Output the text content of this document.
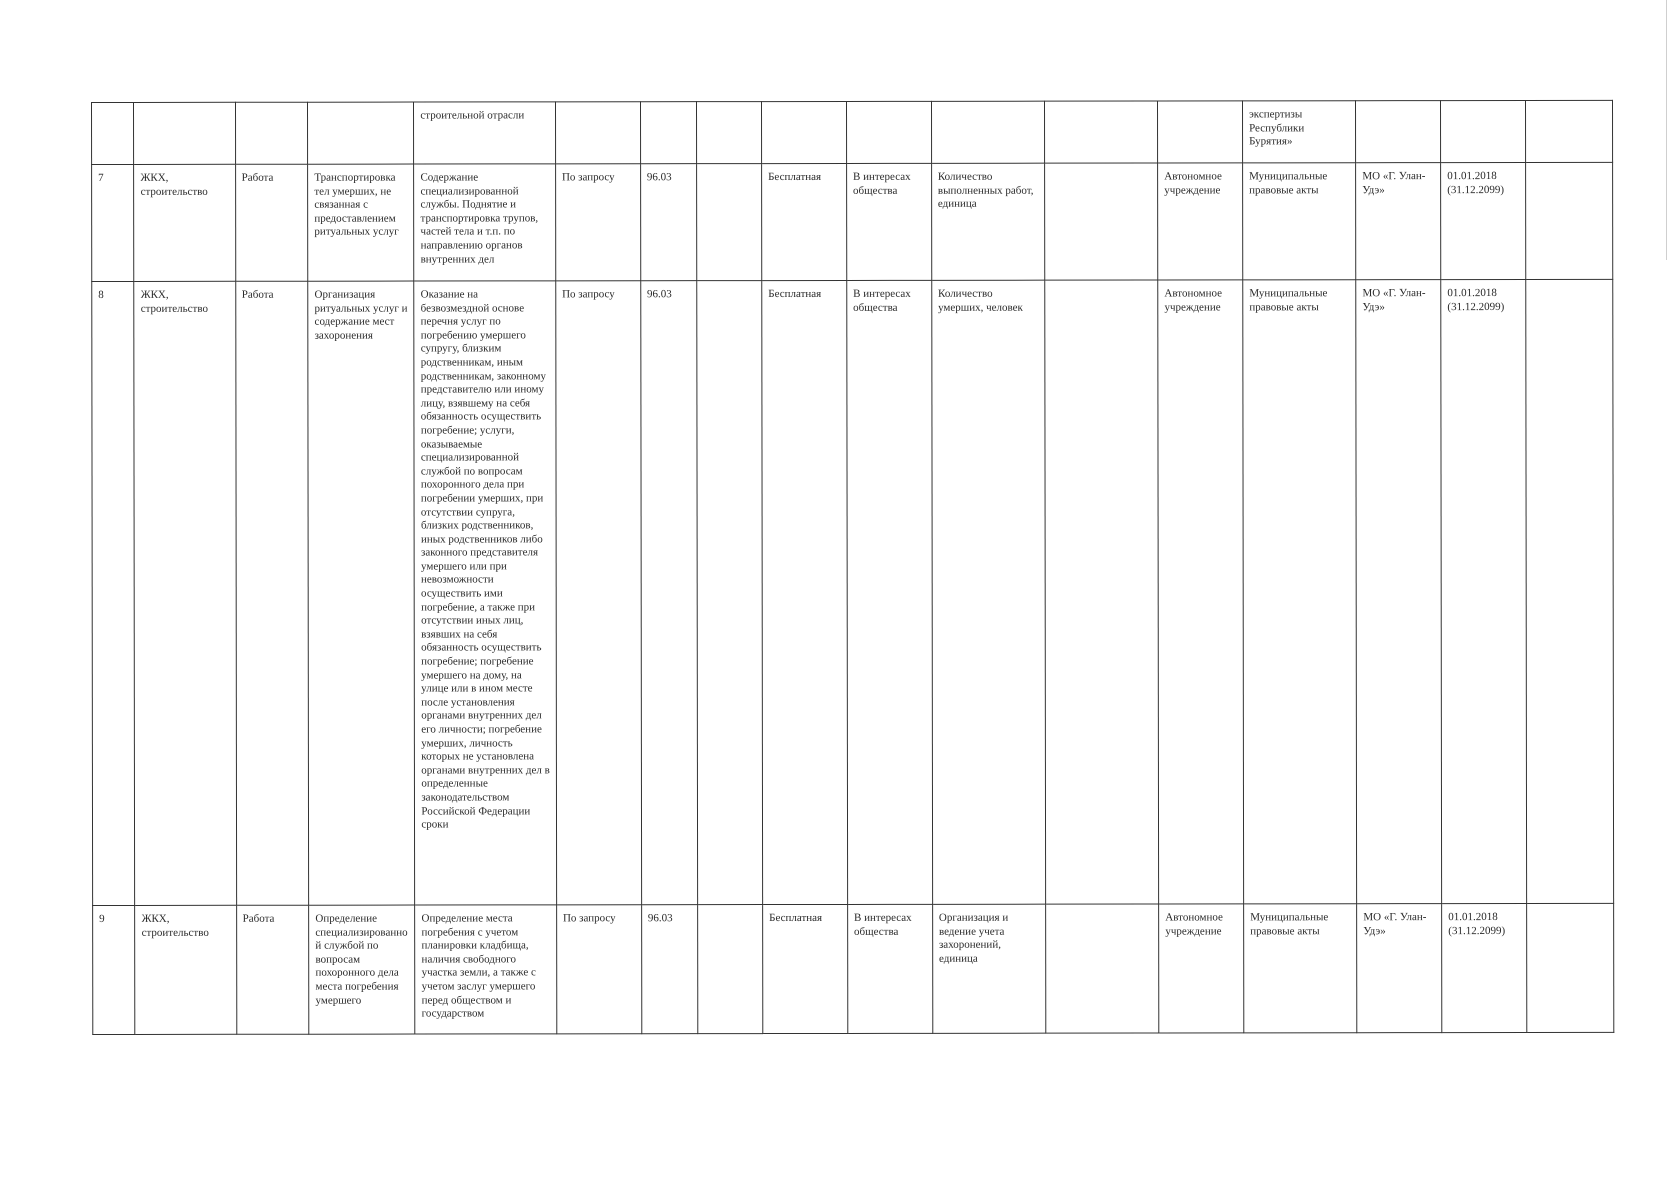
				строительной отрасли									экспертизы Республики Бурятия»			
7	ЖКХ, строительство	Работа	Транспортировка тел умерших, не связанная с предоставлением ритуальных услуг	Содержание специализированной службы. Поднятие и транспортировка трупов, частей тела и т.п. по направлению органов внутренних дел	По запросу	96.03		Бесплатная	В интересах общества	Количество выполненных работ, единица		Автономное учреждение	Муниципальные правовые акты	МО «Г. Улан-Удэ»	01.01.2018 (31.12.2099)	
8	ЖКХ, строительство	Работа	Организация ритуальных услуг и содержание мест захоронения	Оказание на безвозмездной основе перечня услуг по погребению умершего супругу, близким родственникам, иным родственникам, законному представителю или иному лицу, взявшему на себя обязанность осуществить погребение; услуги, оказываемые специализированной службой по вопросам похоронного дела при погребении умерших, при отсутствии супруга, близких родственников, иных родственников либо законного представителя умершего или при невозможности осуществить ими погребение, а также при отсутствии иных лиц, взявших на себя обязанность осуществить погребение; погребение умершего на дому, на улице или в ином месте после установления органами внутренних дел его личности; погребение умерших, личность которых не установлена органами внутренних дел в определенные законодательством Российской Федерации сроки	По запросу	96.03		Бесплатная	В интересах общества	Количество умерших, человек		Автономное учреждение	Муниципальные правовые акты	МО «Г. Улан-Удэ»	01.01.2018 (31.12.2099)	
9	ЖКХ, строительство	Работа	Определение специализированной службой по вопросам похоронного дела места погребения умершего	Определение места погребения с учетом планировки кладбища, наличия свободного участка земли, а также с учетом заслуг умершего перед обществом и государством	По запросу	96.03		Бесплатная	В интересах общества	Организация и ведение учета захоронений, единица		Автономное учреждение	Муниципальные правовые акты	МО «Г. Улан-Удэ»	01.01.2018 (31.12.2099)	
